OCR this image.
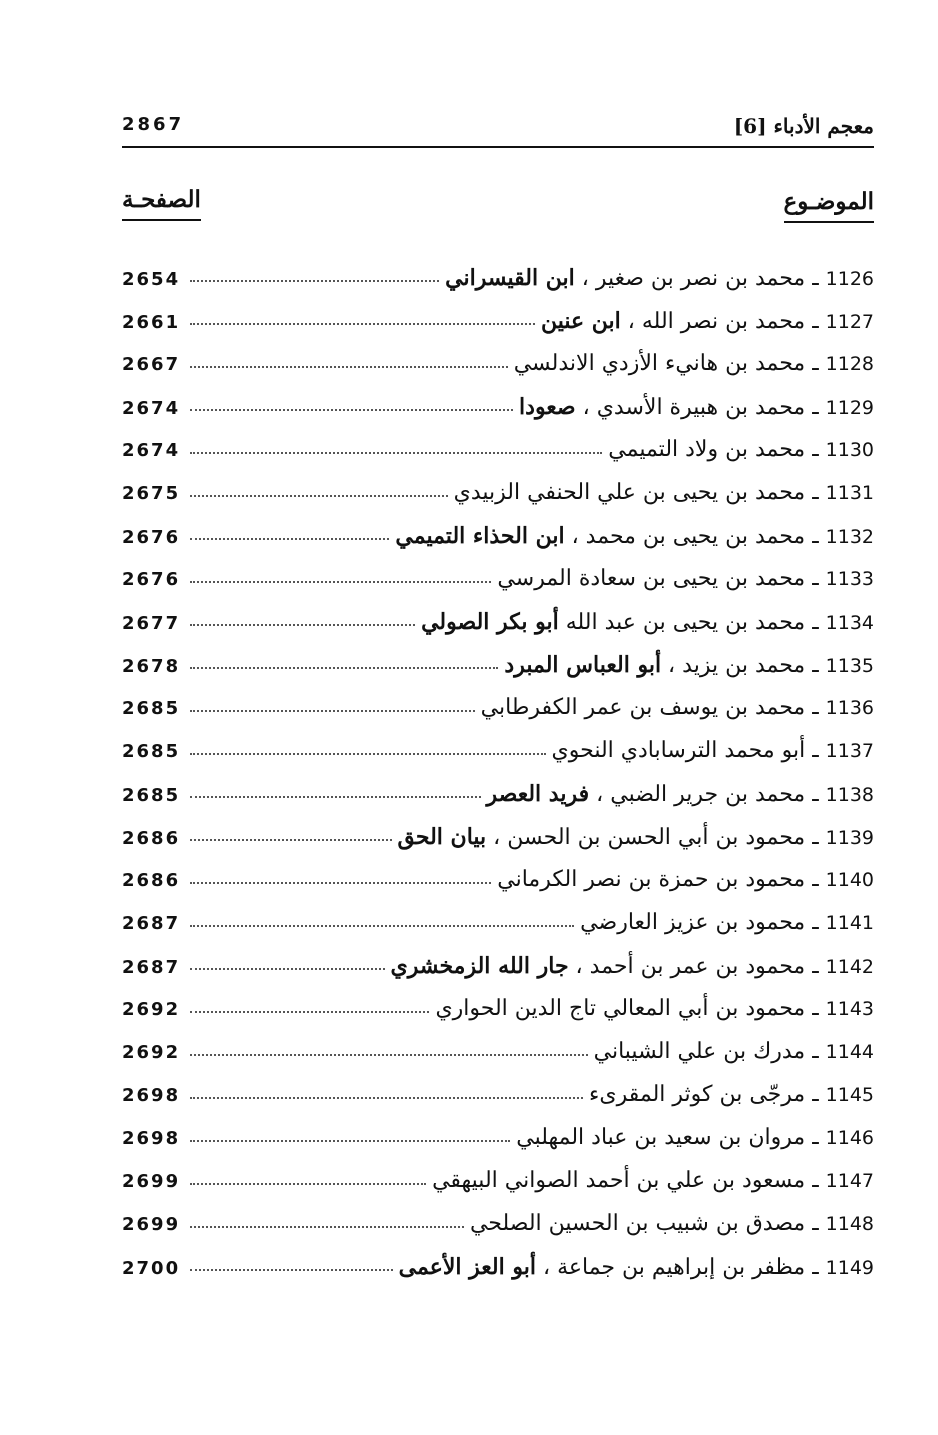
معجم الأدباء [6]
2867
الموضـوع
الصفحـة
1126 ـ محمد بن نصر بن صغير ، ابن القيسراني
2654
1127 ـ محمد بن نصر الله ، ابن عنين
2661
1128 ـ محمد بن هانيء الأزدي الاندلسي
2667
1129 ـ محمد بن هبيرة الأسدي ، صعودا
2674
1130 ـ محمد بن ولاد التميمي
2674
1131 ـ محمد بن يحيى بن علي الحنفي الزبيدي
2675
1132 ـ محمد بن يحيى بن محمد ، ابن الحذاء التميمي
2676
1133 ـ محمد بن يحيى بن سعادة المرسي
2676
1134 ـ محمد بن يحيى بن عبد الله أبو بكر الصولي
2677
1135 ـ محمد بن يزيد ، أبو العباس المبرد
2678
1136 ـ محمد بن يوسف بن عمر الكفرطابي
2685
1137 ـ أبو محمد الترسابادي النحوي
2685
1138 ـ محمد بن جرير الضبي ، فريد العصر
2685
1139 ـ محمود بن أبي الحسن بن الحسن ، بيان الحق
2686
1140 ـ محمود بن حمزة بن نصر الكرماني
2686
1141 ـ محمود بن عزيز العارضي
2687
1142 ـ محمود بن عمر بن أحمد ، جار الله الزمخشري
2687
1143 ـ محمود بن أبي المعالي تاج الدين الحواري
2692
1144 ـ مدرك بن علي الشيباني
2692
1145 ـ مرجّى بن كوثر المقرىء
2698
1146 ـ مروان بن سعيد بن عباد المهلبي
2698
1147 ـ مسعود بن علي بن أحمد الصواني البيهقي
2699
1148 ـ مصدق بن شبيب بن الحسين الصلحي
2699
1149 ـ مظفر بن إبراهيم بن جماعة ، أبو العز الأعمى
2700
